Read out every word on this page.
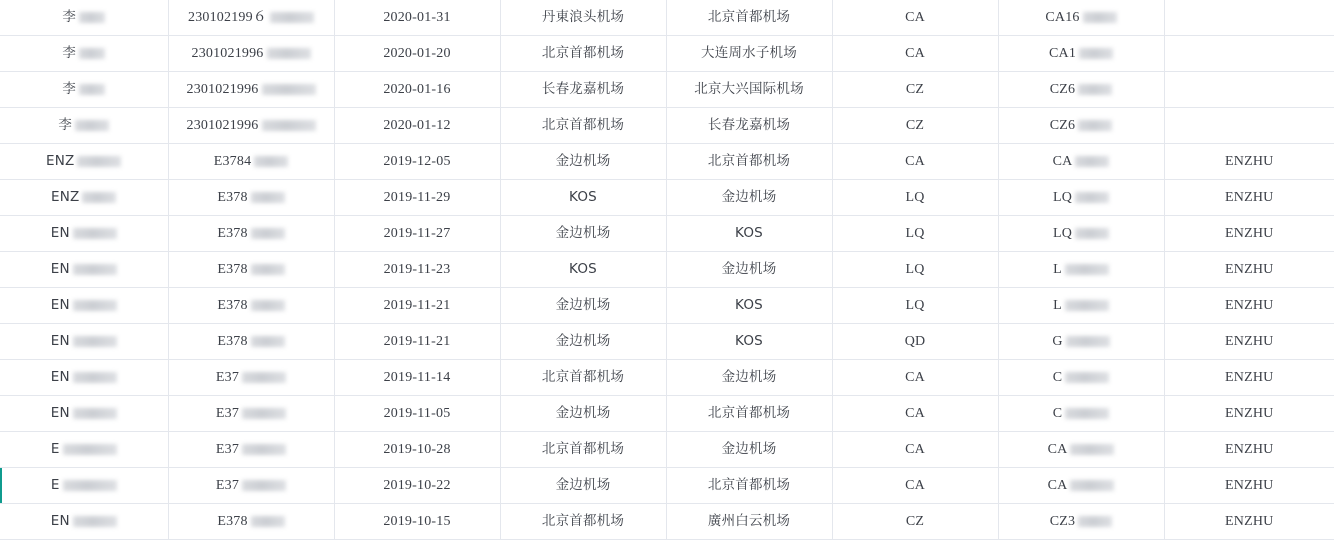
李	230102199６	2020-01-31	丹東浪头机场	北京首都机场	CA	CA16	

李	2301021996	2020-01-20	北京首都机场	大连周水子机场	CA	CA1	

李	2301021996	2020-01-16	长春龙嘉机场	北京大兴国际机场	CZ	CZ6	

李	2301021996	2020-01-12	北京首都机场	长春龙嘉机场	CZ	CZ6	

ENZ	E3784	2019-12-05	金边机场	北京首都机场	CA	CA	ENZHU

ENZ	E378	2019-11-29	KOS	金边机场	LQ	LQ	ENZHU

EN	E378	2019-11-27	金边机场	KOS	LQ	LQ	ENZHU

EN	E378	2019-11-23	KOS	金边机场	LQ	L	ENZHU

EN	E378	2019-11-21	金边机场	KOS	LQ	L	ENZHU

EN	E378	2019-11-21	金边机场	KOS	QD	G	ENZHU

EN	E37	2019-11-14	北京首都机场	金边机场	CA	C	ENZHU

EN	E37	2019-11-05	金边机场	北京首都机场	CA	C	ENZHU

E	E37	2019-10-28	北京首都机场	金边机场	CA	CA	ENZHU

E	E37	2019-10-22	金边机场	北京首都机场	CA	CA	ENZHU

EN	E378	2019-10-15	北京首都机场	廣州白云机场	CZ	CZ3	ENZHU
